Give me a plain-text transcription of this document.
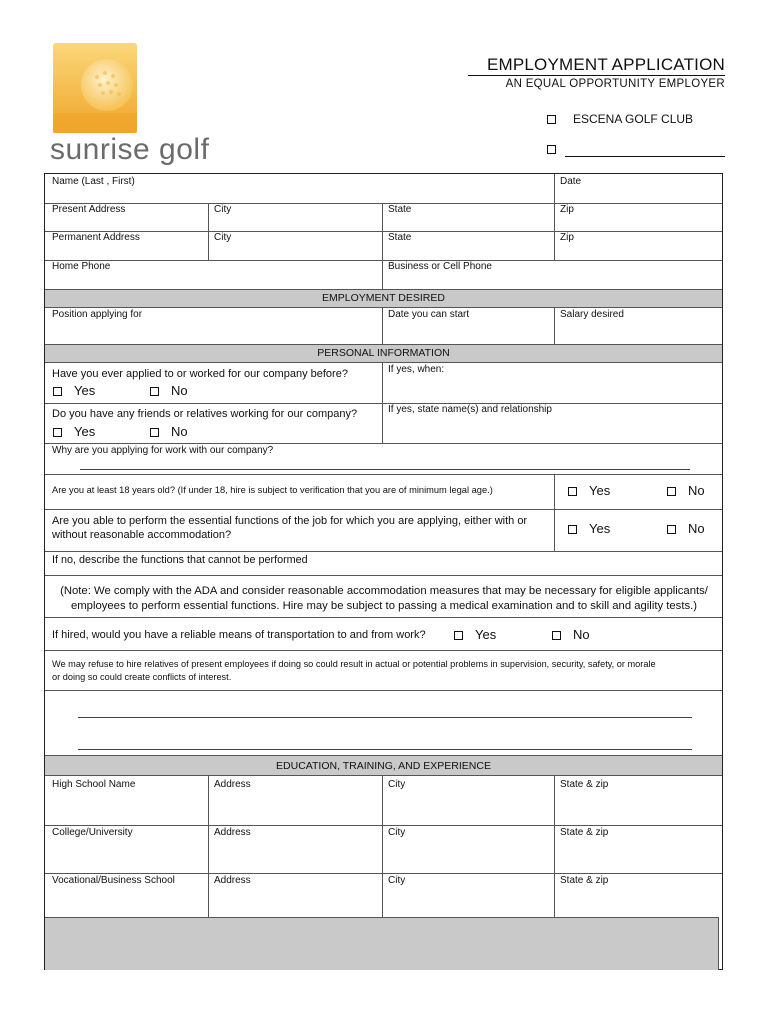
sunrise golf
EMPLOYMENT APPLICATION
AN EQUAL OPPORTUNITY EMPLOYER
ESCENA GOLF CLUB
Name (Last , First)	Date
Present Address	City	State	Zip
Permanent Address	City	State	Zip
Home Phone	Business or Cell Phone
EMPLOYMENT DESIRED
Position applying for	Date you can start	Salary desired
PERSONAL INFORMATION
Have you ever applied to or worked for our company before?
Yes	No
If yes, when:
Do you have any friends or relatives working for our company?
Yes	No
If yes, state name(s) and relationship
Why are you applying for work with our company?
Are you at least 18 years old? (If under 18, hire is subject to verification that you are of minimum legal age.)	Yes	No
Are you able to perform the essential functions of the job for which you are applying, either with or
without reasonable accommodation?	Yes	No
If no, describe the functions that cannot be performed
(Note: We comply with the ADA and consider reasonable accommodation measures that may be necessary for eligible applicants/
employees to perform essential functions. Hire may be subject to passing a medical examination and to skill and agility tests.)
If hired, would you have a reliable means of transportation to and from work?	Yes	No
We may refuse to hire relatives of present employees if doing so could result in actual or potential problems in supervision, security, safety, or morale
or doing so could create conflicts of interest.
EDUCATION, TRAINING, AND EXPERIENCE
High School Name	Address	City	State & zip
College/University	Address	City	State & zip
Vocational/Business School	Address	City	State & zip
